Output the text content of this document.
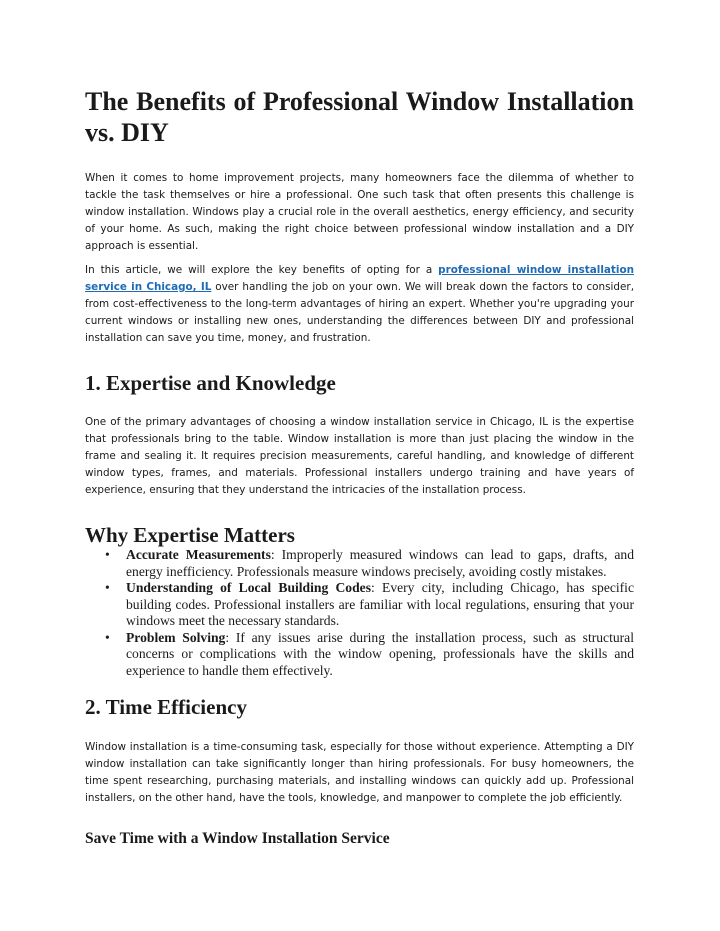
The Benefits of Professional Window Installation vs. DIY

When it comes to home improvement projects, many homeowners face the dilemma of whether to tackle the task themselves or hire a professional. One such task that often presents this challenge is window installation. Windows play a crucial role in the overall aesthetics, energy efficiency, and security of your home. As such, making the right choice between professional window installation and a DIY approach is essential.

In this article, we will explore the key benefits of opting for a professional window installation service in Chicago, IL over handling the job on your own. We will break down the factors to consider, from cost-effectiveness to the long-term advantages of hiring an expert. Whether you're upgrading your current windows or installing new ones, understanding the differences between DIY and professional installation can save you time, money, and frustration.

1. Expertise and Knowledge

One of the primary advantages of choosing a window installation service in Chicago, IL is the expertise that professionals bring to the table. Window installation is more than just placing the window in the frame and sealing it. It requires precision measurements, careful handling, and knowledge of different window types, frames, and materials. Professional installers undergo training and have years of experience, ensuring that they understand the intricacies of the installation process.

Why Expertise Matters
• Accurate Measurements: Improperly measured windows can lead to gaps, drafts, and energy inefficiency. Professionals measure windows precisely, avoiding costly mistakes.
• Understanding of Local Building Codes: Every city, including Chicago, has specific building codes. Professional installers are familiar with local regulations, ensuring that your windows meet the necessary standards.
• Problem Solving: If any issues arise during the installation process, such as structural concerns or complications with the window opening, professionals have the skills and experience to handle them effectively.
2. Time Efficiency

Window installation is a time-consuming task, especially for those without experience. Attempting a DIY window installation can take significantly longer than hiring professionals. For busy homeowners, the time spent researching, purchasing materials, and installing windows can quickly add up. Professional installers, on the other hand, have the tools, knowledge, and manpower to complete the job efficiently.

Save Time with a Window Installation Service
